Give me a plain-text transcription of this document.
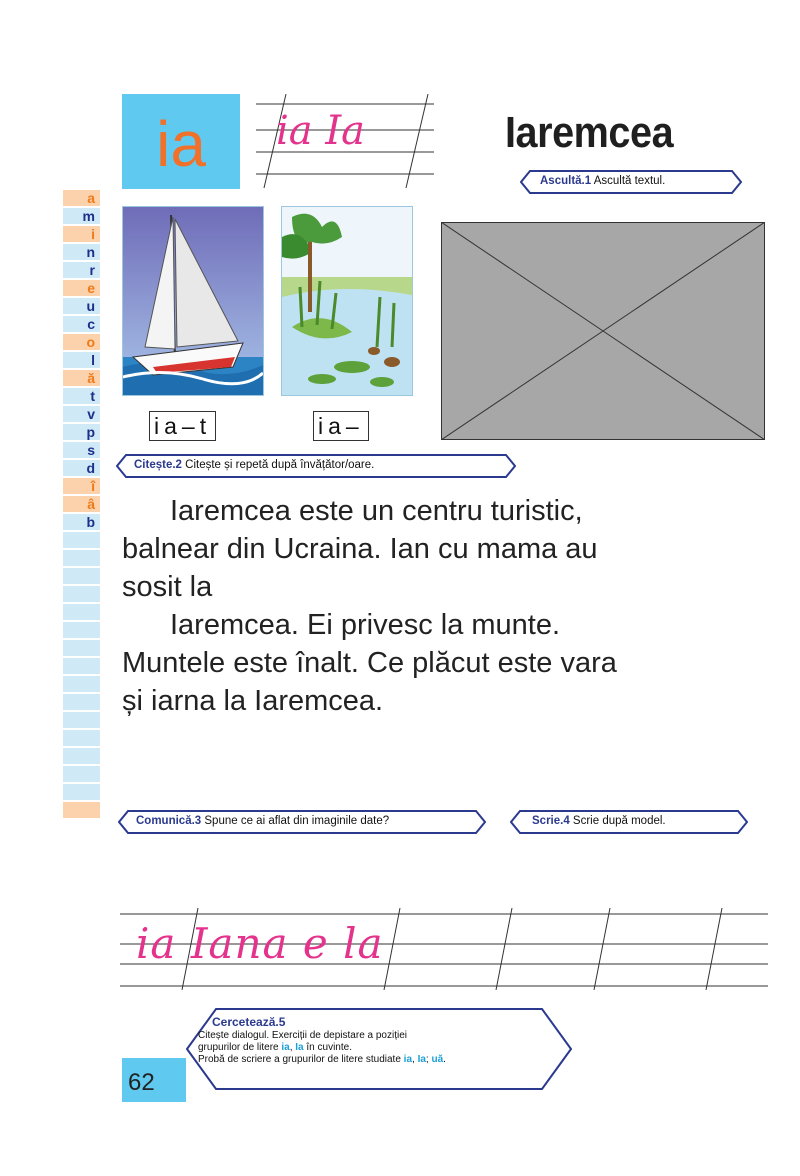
a
m
i
n
r
e
u
c
o
l
ă
t
v
p
s
d
î
â
b
ia	ia Ia	Iaremcea
Ascultă.1 Ascultă textul.
ia–t	ia–
Citește.2 Citește și repetă după învățător/oare.

Iaremcea este un centru turistic,

balnear din Ucraina. Ian cu mama au

sosit la

Iaremcea. Ei privesc la munte.

Muntele este înalt. Ce plăcut este vara

și iarna la Iaremcea.

Comunică.3 Spune ce ai aflat din imaginile date?	Scrie.4 Scrie după model.
ia Iana e la
Cercetează.5
Citește dialogul. Exerciții de depistare a poziției
grupurilor de litere ia, Ia în cuvinte.
Probă de scriere a grupurilor de litere studiate ia, Ia; uă.
62
